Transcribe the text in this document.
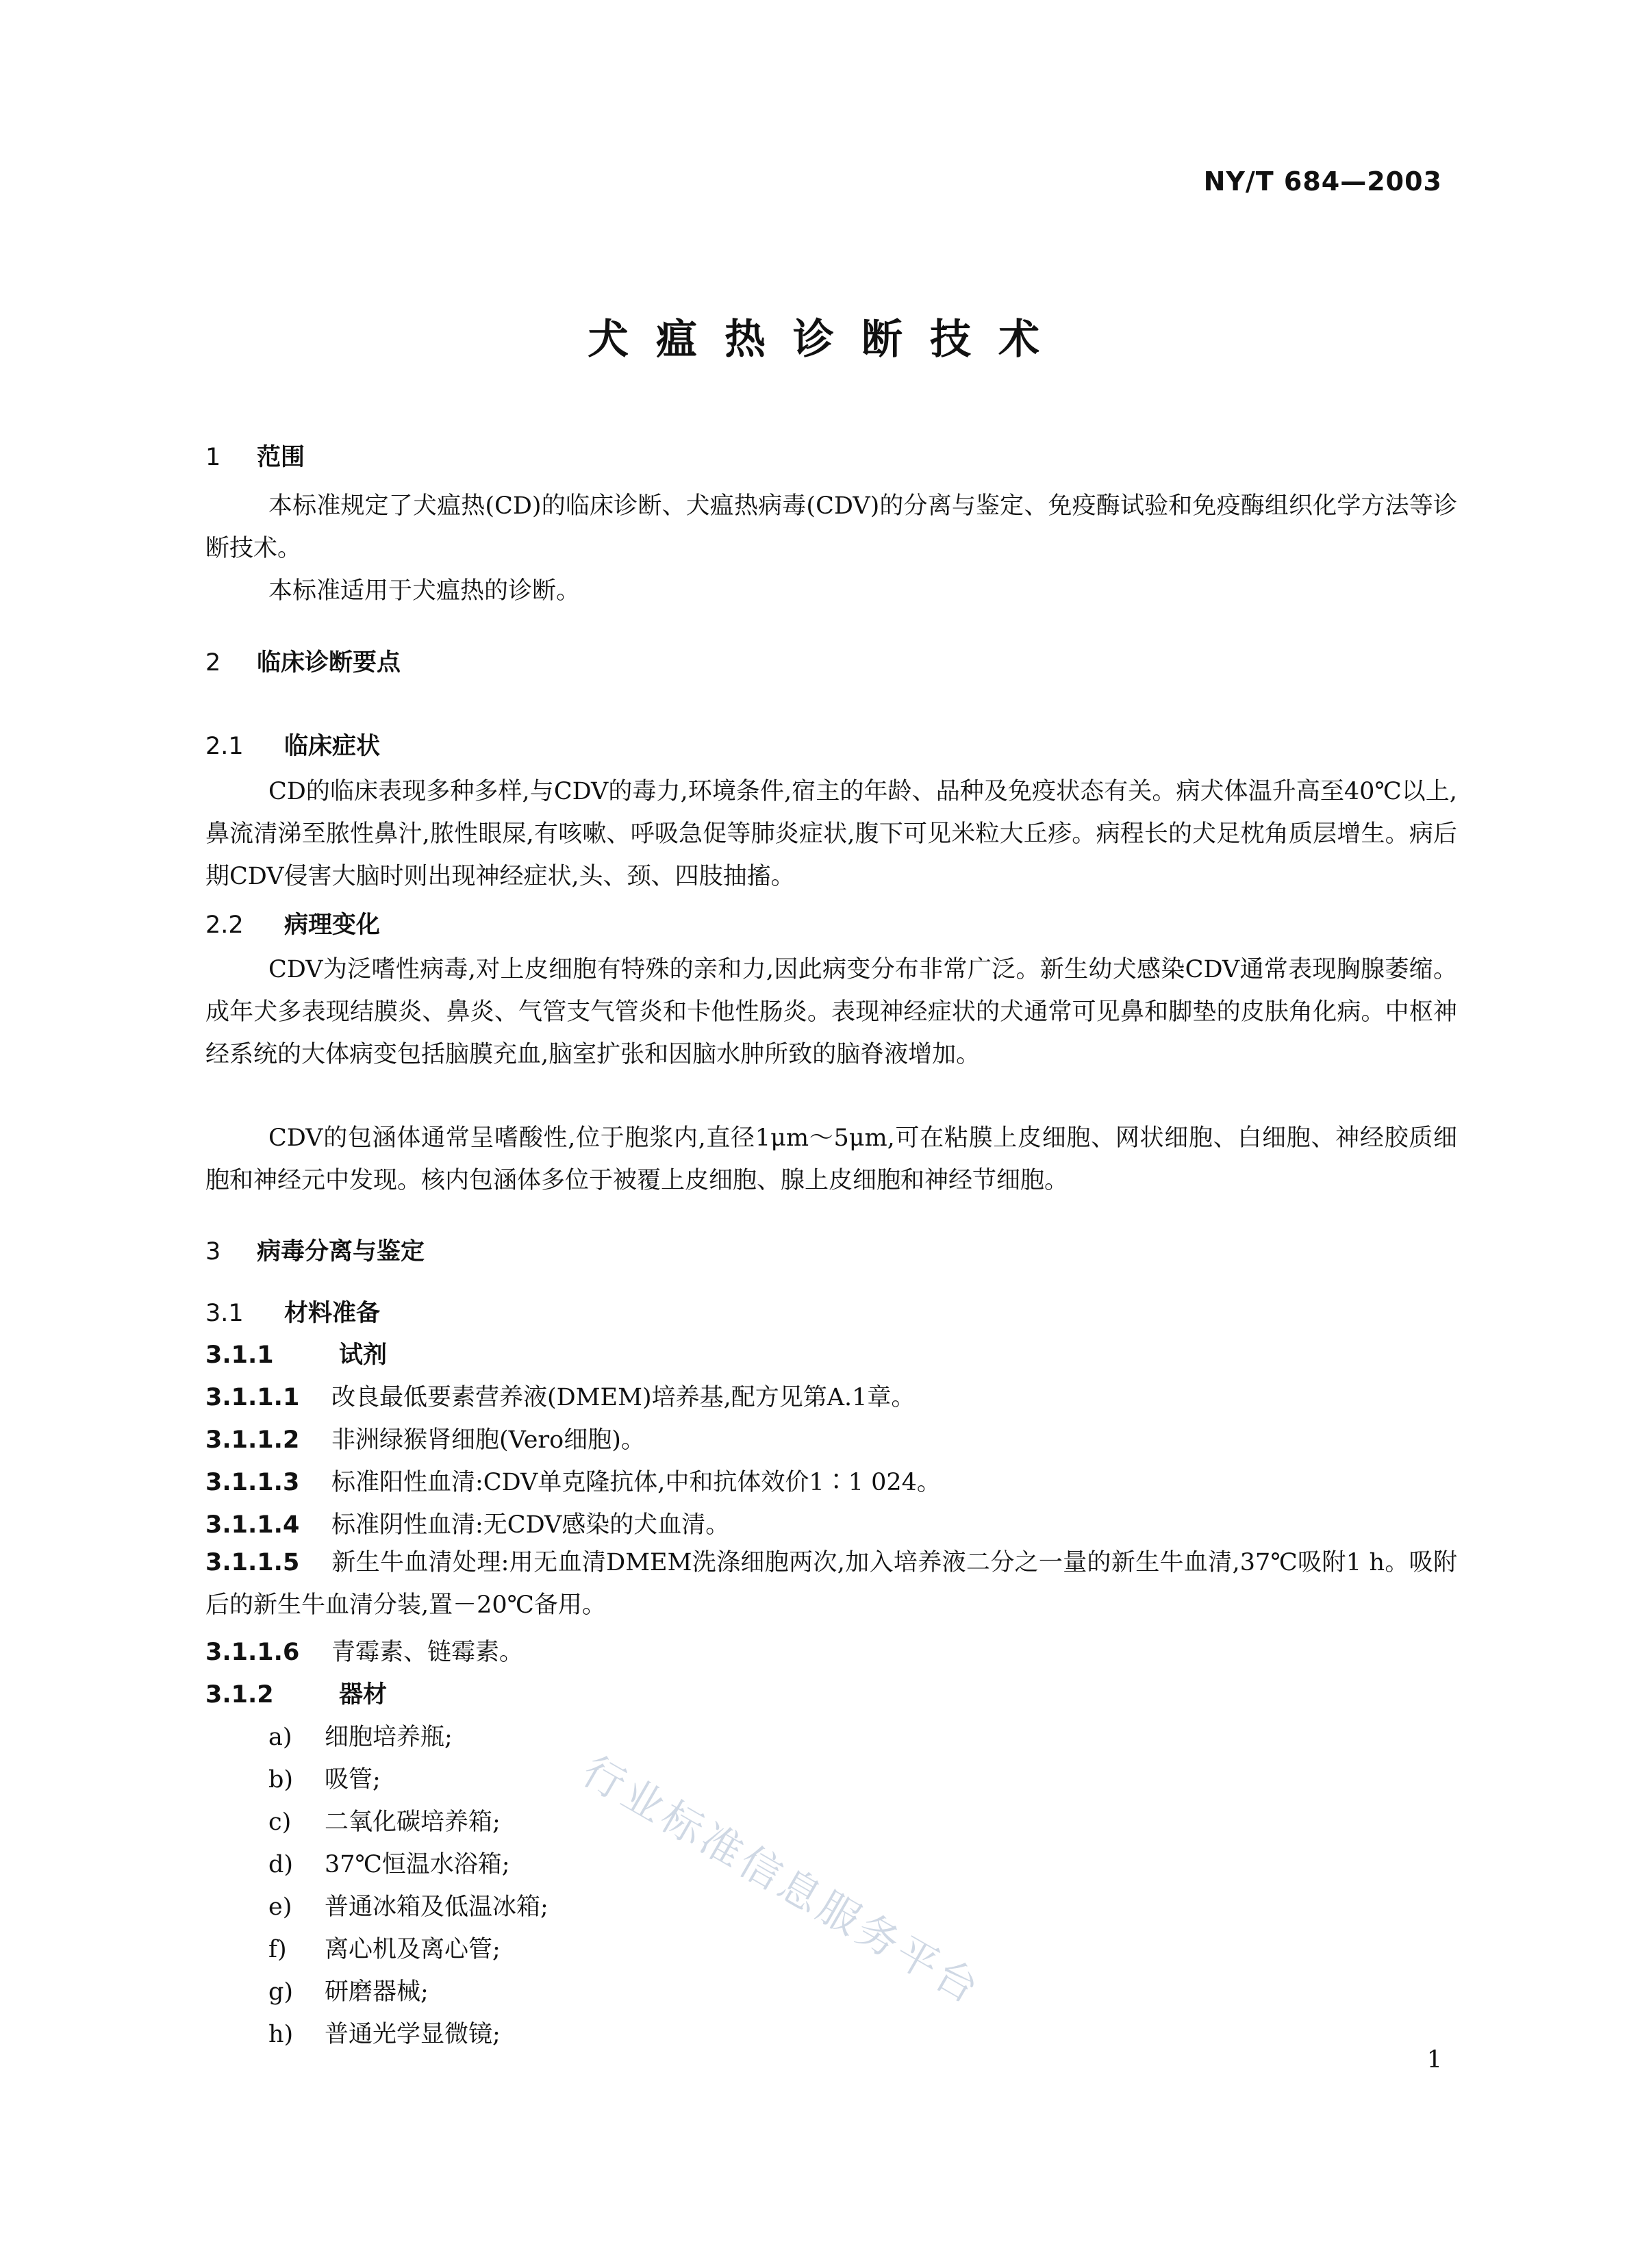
NY/T 684—2003
犬瘟热诊断技术
1 范围
本标准规定了犬瘟热(CD)的临床诊断、犬瘟热病毒(CDV)的分离与鉴定、免疫酶试验和免疫酶组织化学方法等诊断技术。
本标准适用于犬瘟热的诊断。
2 临床诊断要点
2.1 临床症状
CD的临床表现多种多样,与CDV的毒力,环境条件,宿主的年龄、品种及免疫状态有关。病犬体温升高至40℃以上,鼻流清涕至脓性鼻汁,脓性眼屎,有咳嗽、呼吸急促等肺炎症状,腹下可见米粒大丘疹。病程长的犬足枕角质层增生。病后期CDV侵害大脑时则出现神经症状,头、颈、四肢抽搐。
2.2 病理变化
CDV为泛嗜性病毒,对上皮细胞有特殊的亲和力,因此病变分布非常广泛。新生幼犬感染CDV通常表现胸腺萎缩。成年犬多表现结膜炎、鼻炎、气管支气管炎和卡他性肠炎。表现神经症状的犬通常可见鼻和脚垫的皮肤角化病。中枢神经系统的大体病变包括脑膜充血,脑室扩张和因脑水肿所致的脑脊液增加。
CDV的包涵体通常呈嗜酸性,位于胞浆内,直径1μm～5μm,可在粘膜上皮细胞、网状细胞、白细胞、神经胶质细胞和神经元中发现。核内包涵体多位于被覆上皮细胞、腺上皮细胞和神经节细胞。
3 病毒分离与鉴定
3.1 材料准备
3.1.1	试剂
3.1.1.1 改良最低要素营养液(DMEM)培养基,配方见第A.1章。
3.1.1.2 非洲绿猴肾细胞(Vero细胞)。
3.1.1.3 标准阳性血清:CDV单克隆抗体,中和抗体效价1∶1 024。
3.1.1.4 标准阴性血清:无CDV感染的犬血清。
3.1.1.5 新生牛血清处理:用无血清DMEM洗涤细胞两次,加入培养液二分之一量的新生牛血清,37℃吸附1 h。吸附后的新生牛血清分装,置－20℃备用。
3.1.1.6 青霉素、链霉素。
3.1.2	器材
a) 细胞培养瓶;
b) 吸管;
c) 二氧化碳培养箱;
d) 37℃恒温水浴箱;
e) 普通冰箱及低温冰箱;
f) 离心机及离心管;
g) 研磨器械;
h) 普通光学显微镜;
行业标准信息服务平台
1
